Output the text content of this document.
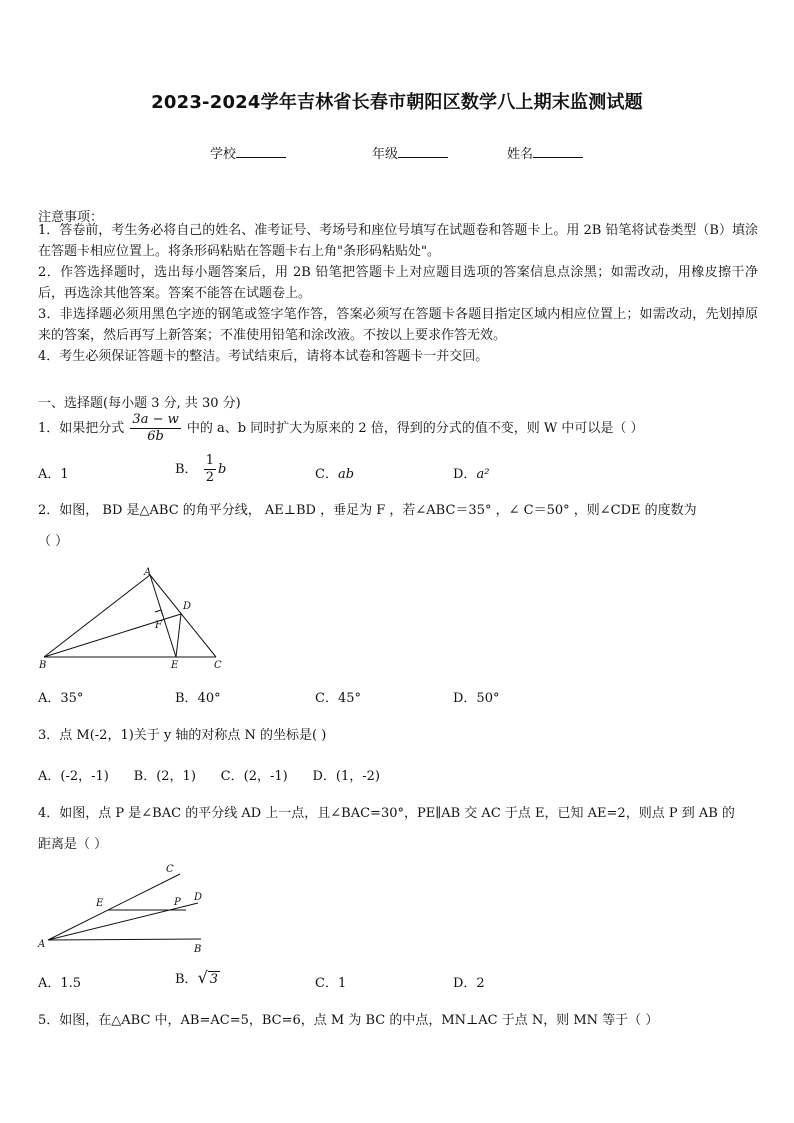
2023-2024学年吉林省长春市朝阳区数学八上期末监测试题
学校	年级	姓名
注意事项：
1．答卷前，考生务必将自己的姓名、准考证号、考场号和座位号填写在试题卷和答题卡上。用 2B 铅笔将试卷类型（B）填涂在答题卡相应位置上。将条形码粘贴在答题卡右上角"条形码粘贴处"。
2．作答选择题时，选出每小题答案后，用 2B 铅笔把答题卡上对应题目选项的答案信息点涂黑；如需改动，用橡皮擦干净后，再选涂其他答案。答案不能答在试题卷上。
3．非选择题必须用黑色字迹的钢笔或签字笔作答，答案必须写在答题卡各题目指定区域内相应位置上；如需改动，先划掉原来的答案，然后再写上新答案；不准使用铅笔和涂改液。不按以上要求作答无效。
4．考生必须保证答题卡的整洁。考试结束后，请将本试卷和答题卡一并交回。
一、选择题(每小题 3 分, 共 30 分)
1．如果把分式 $\frac{3a - w}{6b}$ 中的 a、b 同时扩大为原来的 2 倍，得到的分式的值不变，则 W 中可以是（ ）
A．1	B． $\frac{1}{2}$ b	C．ab	D．a²
2．如图， BD 是△ABC 的角平分线， AE⊥BD ，垂足为 F ，若∠ABC＝35° ，∠ C＝50° ，则∠CDE 的度数为
（ ）
A
B	C
D
E
F
A．35°	B．40°	C．45°	D．50°
3．点 M(-2，1)关于 y 轴的对称点 N 的坐标是( )
A．(-2，-1)      B．(2，1)      C．(2，-1)      D．(1，-2)
4．如图，点 P 是∠BAC 的平分线 AD 上一点，且∠BAC=30°，PE∥AB 交 AC 于点 E，已知 AE=2，则点 P 到 AB 的
距离是（ ）
A	B
C
D
E	P
A．1.5	B．√ 3	C．1	D．2
5．如图，在△ABC 中，AB=AC=5，BC=6，点 M 为 BC 的中点，MN⊥AC 于点 N，则 MN 等于（ ）
